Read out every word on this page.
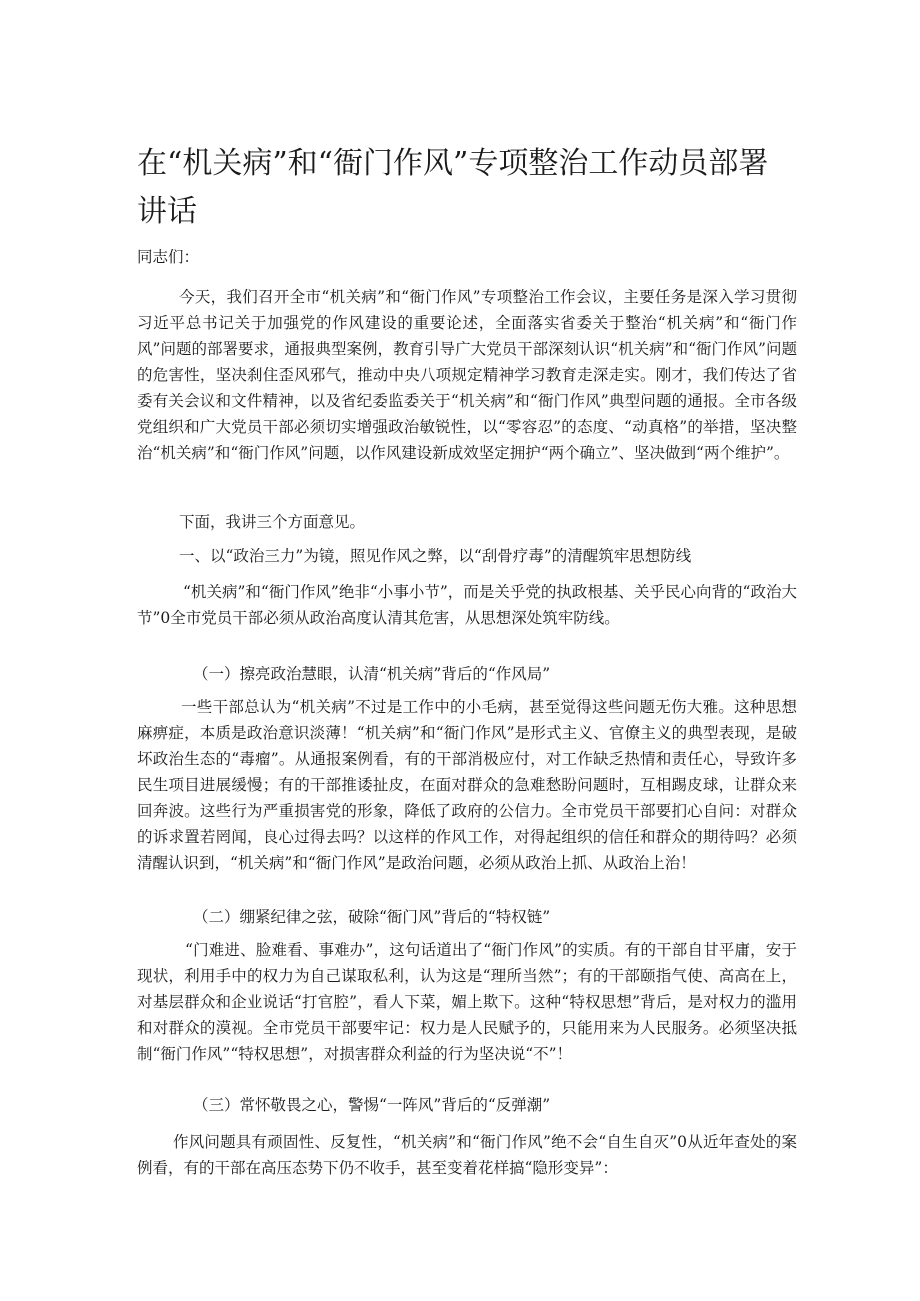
在“机关病”和“衙门作风”专项整治工作动员部署讲话

同志们：

今天，我们召开全市“机关病”和“衙门作风”专项整治工作会议，主要任务是深入学习贯彻习近平总书记关于加强党的作风建设的重要论述，全面落实省委关于整治“机关病”和“衙门作风”问题的部署要求，通报典型案例，教育引导广大党员干部深刻认识“机关病”和“衙门作风”问题的危害性，坚决刹住歪风邪气，推动中央八项规定精神学习教育走深走实。刚才，我们传达了省委有关会议和文件精神，以及省纪委监委关于“机关病”和“衙门作风”典型问题的通报。全市各级党组织和广大党员干部必须切实增强政治敏锐性，以“零容忍”的态度、“动真格”的举措，坚决整治“机关病”和“衙门作风”问题，以作风建设新成效坚定拥护“两个确立”、坚决做到“两个维护”。

下面，我讲三个方面意见。

一、以“政治三力”为镜，照见作风之弊，以“刮骨疗毒”的清醒筑牢思想防线

“机关病”和“衙门作风”绝非“小事小节”，而是关乎党的执政根基、关乎民心向背的“政治大节”0全市党员干部必须从政治高度认清其危害，从思想深处筑牢防线。

（一）擦亮政治慧眼，认清“机关病”背后的“作风局”

一些干部总认为“机关病”不过是工作中的小毛病，甚至觉得这些问题无伤大雅。这种思想麻痹症，本质是政治意识淡薄！“机关病”和“衙门作风”是形式主义、官僚主义的典型表现，是破坏政治生态的“毒瘤”。从通报案例看，有的干部消极应付，对工作缺乏热情和责任心，导致许多民生项目进展缓慢；有的干部推诿扯皮，在面对群众的急难愁盼问题时，互相踢皮球，让群众来回奔波。这些行为严重损害党的形象，降低了政府的公信力。全市党员干部要扪心自问：对群众的诉求置若罔闻，良心过得去吗？以这样的作风工作，对得起组织的信任和群众的期待吗？必须清醒认识到，“机关病”和“衙门作风”是政治问题，必须从政治上抓、从政治上治！

（二）绷紧纪律之弦，破除“衙门风”背后的“特权链”

“门难进、脸难看、事难办”，这句话道出了“衙门作风”的实质。有的干部自甘平庸，安于现状，利用手中的权力为自己谋取私利，认为这是“理所当然”；有的干部颐指气使、高高在上，对基层群众和企业说话“打官腔”，看人下菜，媚上欺下。这种“特权思想”背后，是对权力的滥用和对群众的漠视。全市党员干部要牢记：权力是人民赋予的，只能用来为人民服务。必须坚决抵制“衙门作风”“特权思想”，对损害群众利益的行为坚决说“不”！

（三）常怀敬畏之心，警惕“一阵风”背后的“反弹潮”

作风问题具有顽固性、反复性，“机关病”和“衙门作风”绝不会“自生自灭”0从近年查处的案例看，有的干部在高压态势下仍不收手，甚至变着花样搞“隐形变异”：
